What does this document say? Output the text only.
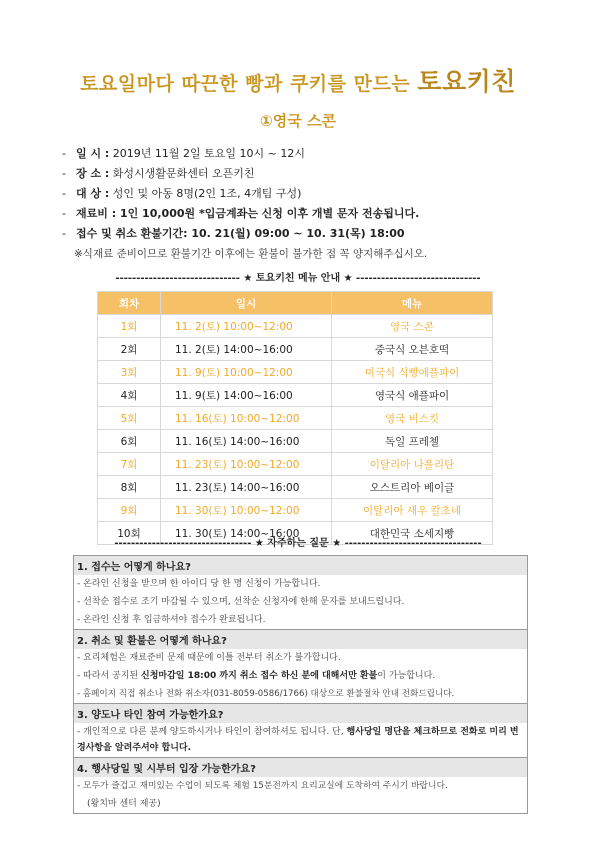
토요일마다 따끈한 빵과 쿠키를 만드는 토요키친
①영국 스콘
- 일 시 : 2019년 11월 2일 토요일 10시 ~ 12시
- 장 소 : 화성시생활문화센터 오픈키친
- 대 상 : 성인 및 아동 8명(2인 1조, 4개팀 구성)
- 재료비 : 1인 10,000원 *입금계좌는 신청 이후 개별 문자 전송됩니다.
- 접수 및 취소 환불기간: 10. 21(월) 09:00 ~ 10. 31(목) 18:00
※식재료 준비이므로 환불기간 이후에는 환불이 불가한 점 꼭 양지해주십시오.
------------------------------ ★ 토요키친 메뉴 안내 ★ ------------------------------
회차	일시	메뉴
1회	11. 2(토) 10:00~12:00	영국 스콘
2회	11. 2(토) 14:00~16:00	중국식 오븐호떡
3회	11. 9(토) 10:00~12:00	미국식 식빵애플파이
4회	11. 9(토) 14:00~16:00	영국식 애플파이
5회	11. 16(토) 10:00~12:00	영국 비스킷
6회	11. 16(토) 14:00~16:00	독일 프레첼
7회	11. 23(토) 10:00~12:00	이탈리아 나폴리탄
8회	11. 23(토) 14:00~16:00	오스트리아 베이글
9회	11. 30(토) 10:00~12:00	이탈리아 새우 칼초네
10회	11. 30(토) 14:00~16:00	대한민국 소세지빵
--------------------------------- ★ 자주하는 질문 ★ ---------------------------------
1. 접수는 어떻게 하나요?
- 온라인 신청을 받으며 한 아이디 당 한 명 신청이 가능합니다.
- 선착순 접수로 조기 마감될 수 있으며, 선착순 신청자에 한해 문자를 보내드립니다.
- 온라인 신청 후 입금하셔야 접수가 완료됩니다.
2. 취소 및 환불은 어떻게 하나요?
- 요리체험은 재료준비 문제 때문에 이틀 전부터 취소가 불가합니다.
- 따라서 공지된 신청마감일 18:00 까지 취소 접수 하신 분에 대해서만 환불이 가능합니다.
- 홈페이지 직접 취소나 전화 취소자(031-8059-0586/1766) 대상으로 환불절차 안내 전화드립니다.
3. 양도나 타인 참여 가능한가요?
- 개인적으로 다른 분께 양도하시거나 타인이 참여하셔도 됩니다. 단, 행사당일 명단을 체크하므로 전화로 미리 변경사항을 알려주셔야 합니다.
4. 행사당일 및 시부터 입장 가능한가요?
- 모두가 즐겁고 재미있는 수업이 되도록 체험 15분전까지 요리교실에 도착하여 주시기 바랍니다.
(왕치마 센터 제공)
